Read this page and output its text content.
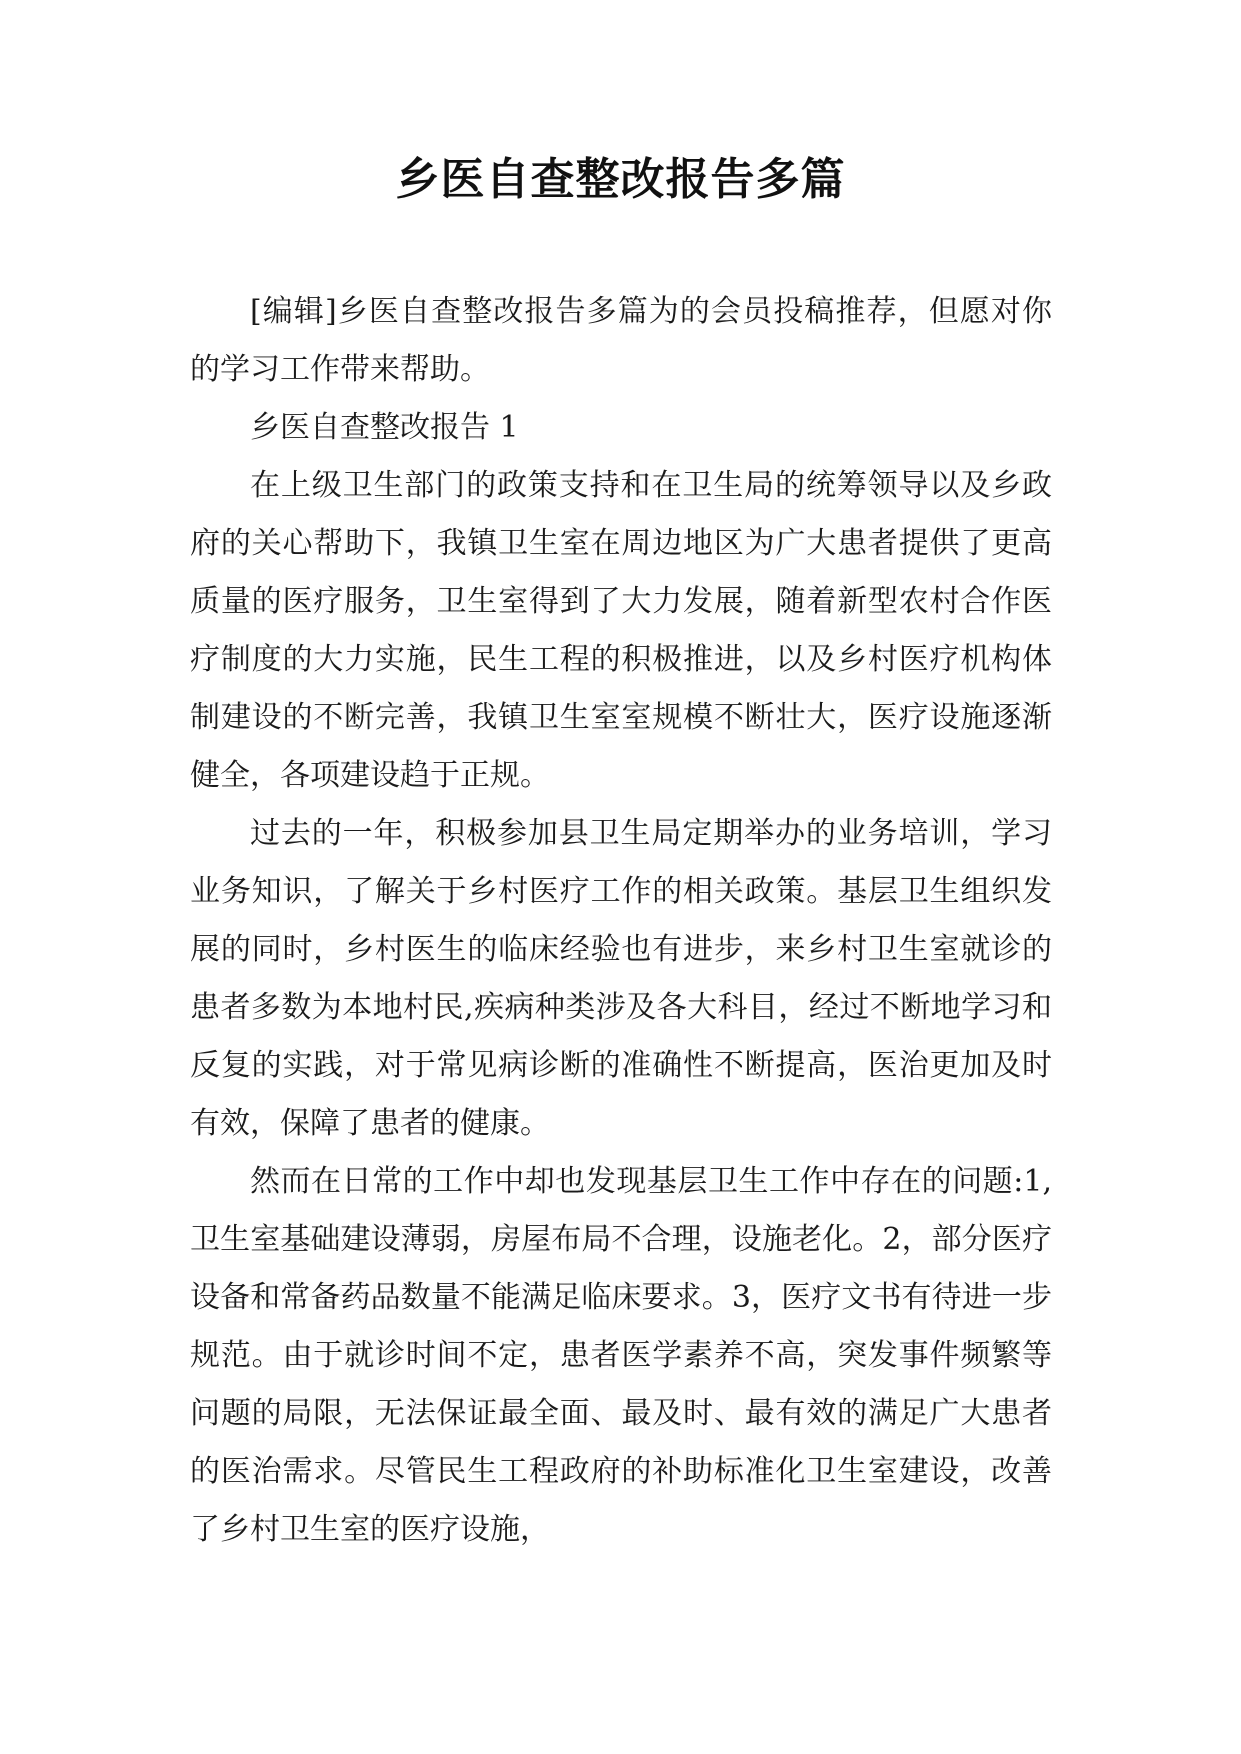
乡医自查整改报告多篇

[编辑]乡医自查整改报告多篇为的会员投稿推荐，但愿对你的学习工作带来帮助。

乡医自查整改报告 1

在上级卫生部门的政策支持和在卫生局的统筹领导以及乡政府的关心帮助下，我镇卫生室在周边地区为广大患者提供了更高质量的医疗服务，卫生室得到了大力发展，随着新型农村合作医疗制度的大力实施，民生工程的积极推进，以及乡村医疗机构体制建设的不断完善，我镇卫生室室规模不断壮大，医疗设施逐渐健全，各项建设趋于正规。

过去的一年，积极参加县卫生局定期举办的业务培训，学习业务知识，了解关于乡村医疗工作的相关政策。基层卫生组织发展的同时，乡村医生的临床经验也有进步，来乡村卫生室就诊的患者多数为本地村民,疾病种类涉及各大科目，经过不断地学习和反复的实践，对于常见病诊断的准确性不断提高，医治更加及时有效，保障了患者的健康。

然而在日常的工作中却也发现基层卫生工作中存在的问题:1,卫生室基础建设薄弱，房屋布局不合理，设施老化。2，部分医疗设备和常备药品数量不能满足临床要求。3，医疗文书有待进一步规范。由于就诊时间不定，患者医学素养不高，突发事件频繁等问题的局限，无法保证最全面、最及时、最有效的满足广大患者的医治需求。尽管民生工程政府的补助标准化卫生室建设，改善了乡村卫生室的医疗设施，
